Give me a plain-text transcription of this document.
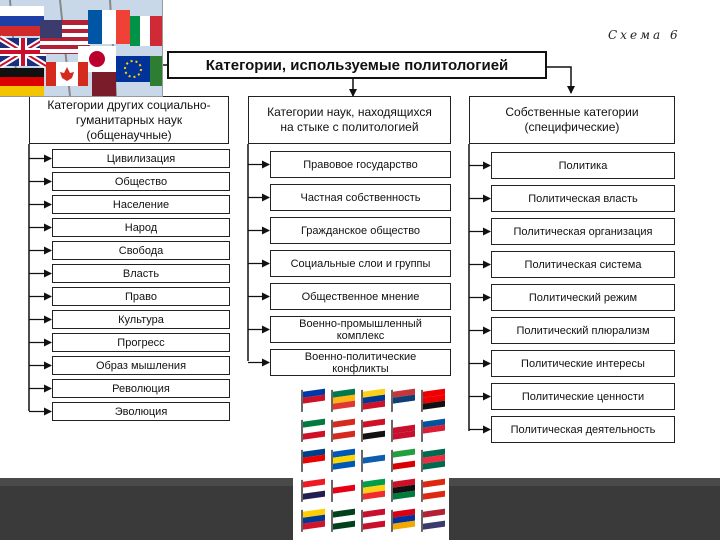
Схема 6
Категории, используемые политологией
Категории других социально-
гуманитарных наук
(общенаучные)
Категории наук, находящихся
на стыке с политологией
Собственные категории
(специфические)
Цивилизация
Общество
Население
Народ
Свобода
Власть
Право
Культура
Прогресс
Образ мышления
Революция
Эволюция
Правовое государство
Частная собственность
Гражданское общество
Социальные слои и группы
Общественное мнение
Военно-промышленный
комплекс
Военно-политические
конфликты
Политика
Политическая власть
Политическая организация
Политическая система
Политический режим
Политический плюрализм
Политические интересы
Политические ценности
Политическая деятельность
